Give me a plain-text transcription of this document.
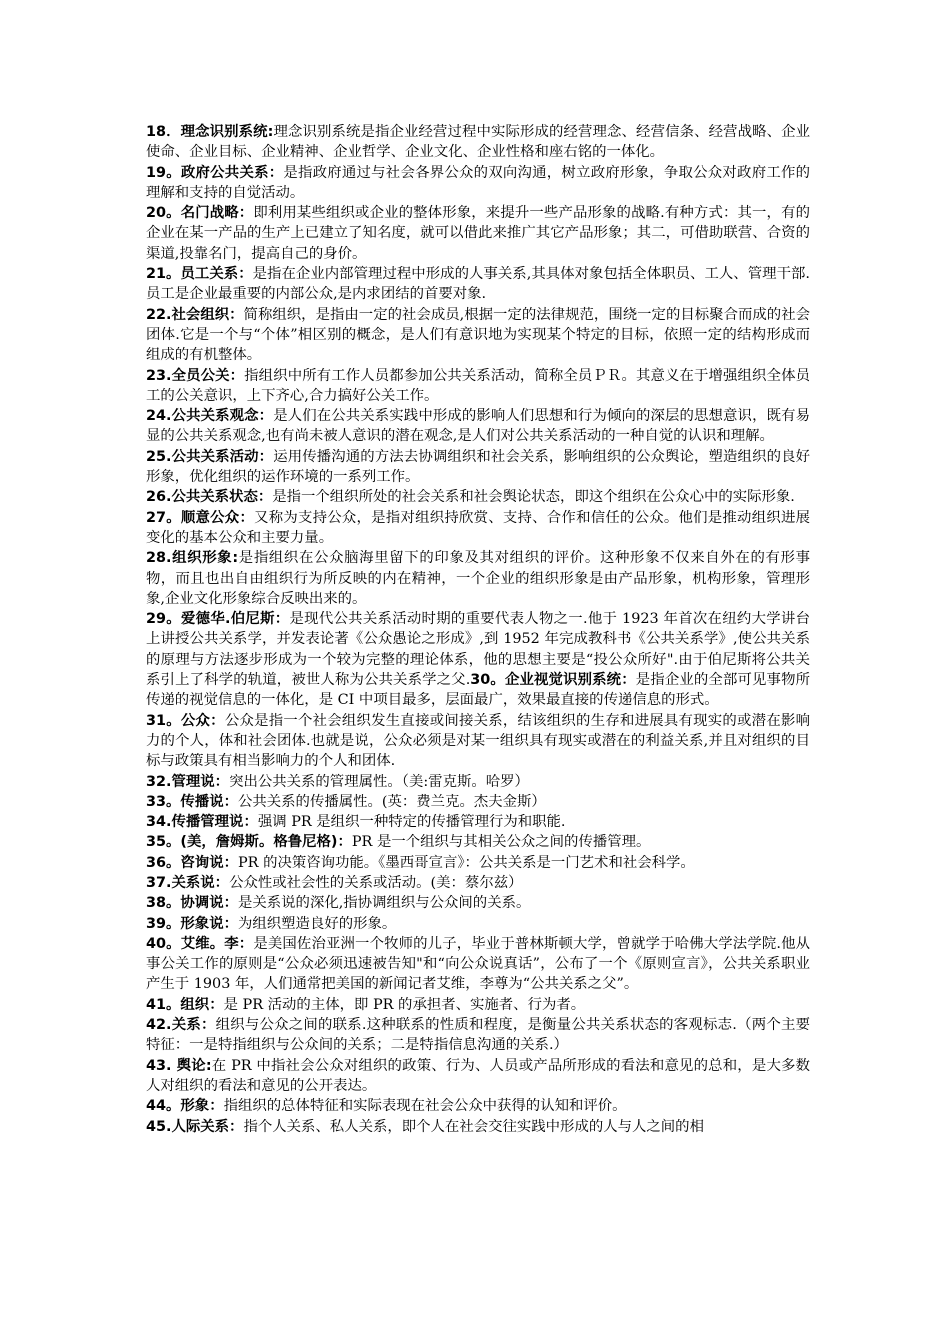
18．理念识别系统:理念识别系统是指企业经营过程中实际形成的经营理念、经营信条、经营战略、企业使命、企业目标、企业精神、企业哲学、企业文化、企业性格和座右铭的一体化。

19。政府公共关系：是指政府通过与社会各界公众的双向沟通，树立政府形象，争取公众对政府工作的理解和支持的自觉活动。

20。名门战略：即利用某些组织或企业的整体形象，来提升一些产品形象的战略.有种方式：其一，有的企业在某一产品的生产上已建立了知名度，就可以借此来推广其它产品形象；其二，可借助联营、合资的渠道,投靠名门，提高自己的身价。

21。员工关系：是指在企业内部管理过程中形成的人事关系,其具体对象包括全体职员、工人、管理干部.员工是企业最重要的内部公众,是内求团结的首要对象.

22.社会组织：简称组织，是指由一定的社会成员,根据一定的法律规范，围绕一定的目标聚合而成的社会团体.它是一个与“个体”相区别的概念，是人们有意识地为实现某个特定的目标，依照一定的结构形成而组成的有机整体。

23.全员公关：指组织中所有工作人员都参加公共关系活动，简称全员ＰＲ。其意义在于增强组织全体员工的公关意识，上下齐心,合力搞好公关工作。

24.公共关系观念：是人们在公共关系实践中形成的影响人们思想和行为倾向的深层的思想意识，既有易显的公共关系观念,也有尚未被人意识的潜在观念,是人们对公共关系活动的一种自觉的认识和理解。

25.公共关系活动：运用传播沟通的方法去协调组织和社会关系，影响组织的公众舆论，塑造组织的良好形象，优化组织的运作环境的一系列工作。

26.公共关系状态：是指一个组织所处的社会关系和社会舆论状态，即这个组织在公众心中的实际形象.

27。顺意公众：又称为支持公众，是指对组织持欣赏、支持、合作和信任的公众。他们是推动组织进展变化的基本公众和主要力量。

28.组织形象:是指组织在公众脑海里留下的印象及其对组织的评价。这种形象不仅来自外在的有形事物，而且也出自由组织行为所反映的内在精神，一个企业的组织形象是由产品形象，机构形象，管理形象,企业文化形象综合反映出来的。

29。爱德华.伯尼斯：是现代公共关系活动时期的重要代表人物之一.他于 1923 年首次在纽约大学讲台上讲授公共关系学，并发表论著《公众愚论之形成》,到 1952 年完成教科书《公共关系学》,使公共关系的原理与方法逐步形成为一个较为完整的理论体系，他的思想主要是“投公众所好".由于伯尼斯将公共关系引上了科学的轨道，被世人称为公共关系学之父.30。企业视觉识别系统：是指企业的全部可见事物所传递的视觉信息的一体化，是 CI 中项目最多，层面最广，效果最直接的传递信息的形式。

31。公众：公众是指一个社会组织发生直接或间接关系，结该组织的生存和进展具有现实的或潜在影响力的个人，体和社会团体.也就是说，公众必须是对某一组织具有现实或潜在的利益关系,并且对组织的目标与政策具有相当影响力的个人和团体.

32.管理说：突出公共关系的管理属性。（美:雷克斯。哈罗）

33。传播说：公共关系的传播属性。(英：费兰克。杰夫金斯）

34.传播管理说：强调 PR 是组织一种特定的传播管理行为和职能.

35。(美，詹姆斯。格鲁尼格)：PR 是一个组织与其相关公众之间的传播管理。

36。咨询说：PR 的决策咨询功能。《墨西哥宣言》：公共关系是一门艺术和社会科学。

37.关系说：公众性或社会性的关系或活动。(美：蔡尔兹）

38。协调说：是关系说的深化,指协调组织与公众间的关系。

39。形象说：为组织塑造良好的形象。

40。艾维。李：是美国佐治亚洲一个牧师的儿子，毕业于普林斯顿大学，曾就学于哈佛大学法学院.他从事公关工作的原则是“公众必须迅速被告知"和“向公众说真话”，公布了一个《原则宣言》，公共关系职业产生于 1903 年，人们通常把美国的新闻记者艾维，李尊为“公共关系之父”。

41。组织：是 PR 活动的主体，即 PR 的承担者、实施者、行为者。

42.关系：组织与公众之间的联系.这种联系的性质和程度，是衡量公共关系状态的客观标志.（两个主要特征：一是特指组织与公众间的关系；二是特指信息沟通的关系.）

43. 舆论:在 PR 中指社会公众对组织的政策、行为、人员或产品所形成的看法和意见的总和，是大多数人对组织的看法和意见的公开表达。

44。形象：指组织的总体特征和实际表现在社会公众中获得的认知和评价。

45.人际关系：指个人关系、私人关系，即个人在社会交往实践中形成的人与人之间的相
